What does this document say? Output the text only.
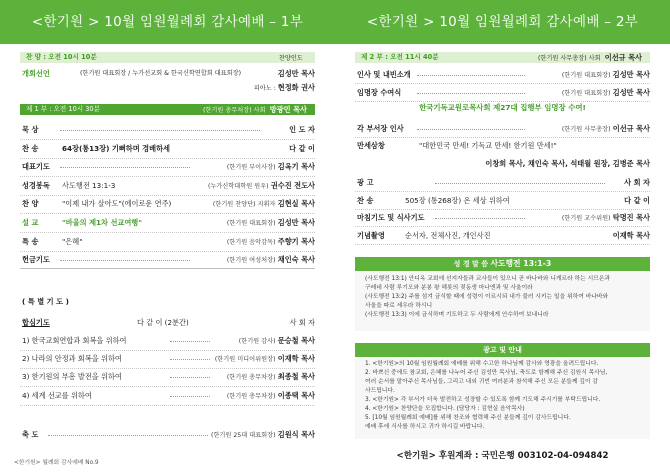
<한기원 > 10월 임원월례회 감사예배 – 1부
찬 양 : 오전 10시 10분	찬양인도
개회선언	(한기원 대표회장 / 누가선교회 & 한국신학연합회 대표회장)	김성만 목사
피아노 : 현정화 권사
제 1 부 : 오전 10시 30분	(한기원 총무처장) 사회 방광민 목사
묵 상	인 도 자
찬 송	64장(통13장) 기뻐하며 경배하세	다 같 이
대표기도	(한기원 부이사장) 김옥기 목사
성경봉독 사도행전 13:1-3	(누가신학대학원 원우) 권수진 전도사
찬 양	"이제 내가 살아도"(에이로운 연주)	(한기원 찬양단) 지휘자 김현실 목사
설 교	"바울의 제1차 선교여행"	(한기원 대표회장) 김성만 목사
특 송	"은혜"	(한기원 음악감독) 주향기 목사
헌금기도	(한기원 여성처장) 채인숙 목사
( 특 별 기 도 )
합심기도	다 같 이 (2분간)	사 회 자
1) 한국교회연합과 회복을 위하여	(한기원 감사) 문승철 목사
2) 나라의 안정과 회복을 위하여	(한기원 미디어위원장) 이재학 목사
3) 한기원의 부흥 발전을 위하여	(한기원 총무차장) 최종철 목사
4) 세계 선교를 위하여	(한기원 총무차장) 이종택 목사
축 도	(한기원 25대 대표회장) 김원식 목사
<한기원> 월례회 감사예배 No.9
<한기원 > 10월 임원월례회 감사예배 – 2부
제 2 부 : 오전 11시 40분	(한기원 사무총장) 사회 이선규 목사
인사 및 내빈소개	(한기원 대표회장) 김성만 목사
임명장 수여식	(한기원 대표회장) 김성만 목사
한국기독교원로목사회 제27대 집행부 임명장 수여!
각 부서장 인사	(한기원 사무총장) 이선규 목사
만세삼창	"대한민국 만세! 기독교 만세! 한기원 만세!"
이창희 목사, 채인숙 목사, 석태월 원장, 김병준 목사
광 고	사 회 자
찬 송	505장 (통268장) 온 세상 위하여	다 같 이
마침기도 및 식사기도	(한기원 교수위원) 탁명진 목사
기념촬영	순서자, 전체사진, 개인사진	이재학 목사
성 경 말 씀 사도행전 13:1-3

(사도행전 13:1) 안디옥 교회에 선지자들과 교사들이 있으니 곧 바나바와 니게르라 하는 시므온과

구레네 사람 루기오와 분봉 왕 헤롯의 젖동생 마나엔과 및 사울이라

(사도행전 13:2) 주를 섬겨 금식할 때에 성령이 이르시되 내가 불러 시키는 일을 위하여 바나바와

사울을 따로 세우라 하시니

(사도행전 13:3) 이에 금식하며 기도하고 두 사람에게 안수하여 보내니라

광고 및 안내

1. <한기원>의 10월 임원월례회 예배를 위해 수고한 하나님께 감사와 영광을 올려드립니다.

2. 바쁘신 중에도 참교회, 은혜를 나누어 주신 김성만 목사님, 축도로 함께해 주신 김원식 목사님,

여러 순서를 맡아주신 목사님들, 그리고 내외 귀빈 여러분과 참석해 주신 모든 분들께 깊이 감

사드립니다.

3. <한기원> 각 부서가 더욱 발전하고 성장할 수 있도록 함께 기도해 주시기를 부탁드립니다.

4. <한기원> 찬양단을 모집합니다. (담당자 : 김현실 음악목사)

5. [10월 임원월례회 예배]를 위해 찬조와 협력해 주신 분들께 깊이 감사드립니다.

예배 후에 식사를 하시고 귀가 하시길 바랍니다.

<한기원> 후원계좌 : 국민은행 003102-04-094842
